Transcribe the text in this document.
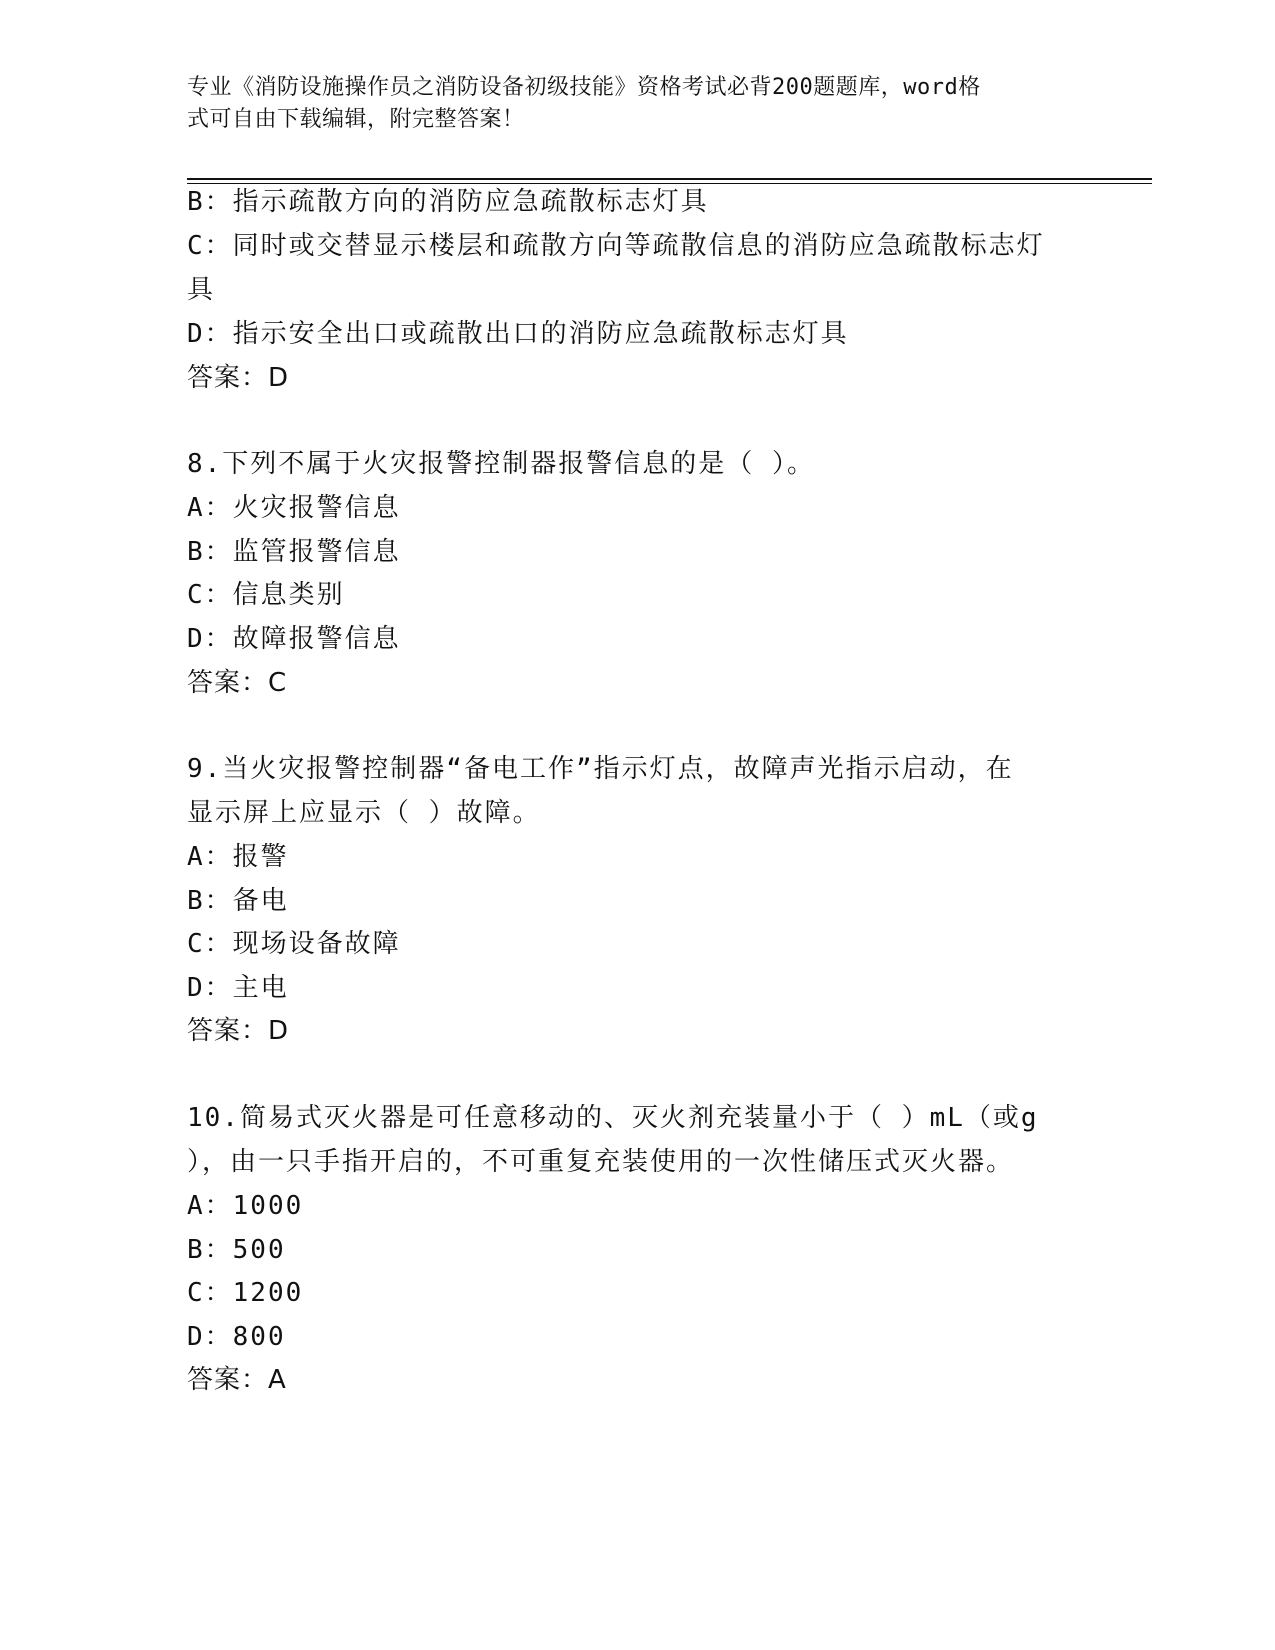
专业《消防设施操作员之消防设备初级技能》资格考试必背200题题库，word格
式可自由下载编辑，附完整答案！
B：指示疏散方向的消防应急疏散标志灯具
C：同时或交替显示楼层和疏散方向等疏散信息的消防应急疏散标志灯
具
D：指示安全出口或疏散出口的消防应急疏散标志灯具
答案：D
8.下列不属于火灾报警控制器报警信息的是（ ）。
A：火灾报警信息
B：监管报警信息
C：信息类别
D：故障报警信息
答案：C
9.当火灾报警控制器“备电工作”指示灯点，故障声光指示启动，在
显示屏上应显示（ ）故障。
A：报警
B：备电
C：现场设备故障
D：主电
答案：D
10.简易式灭火器是可任意移动的、灭火剂充装量小于（ ）mL（或g
），由一只手指开启的，不可重复充装使用的一次性储压式灭火器。
A：1000
B：500
C：1200
D：800
答案：A
